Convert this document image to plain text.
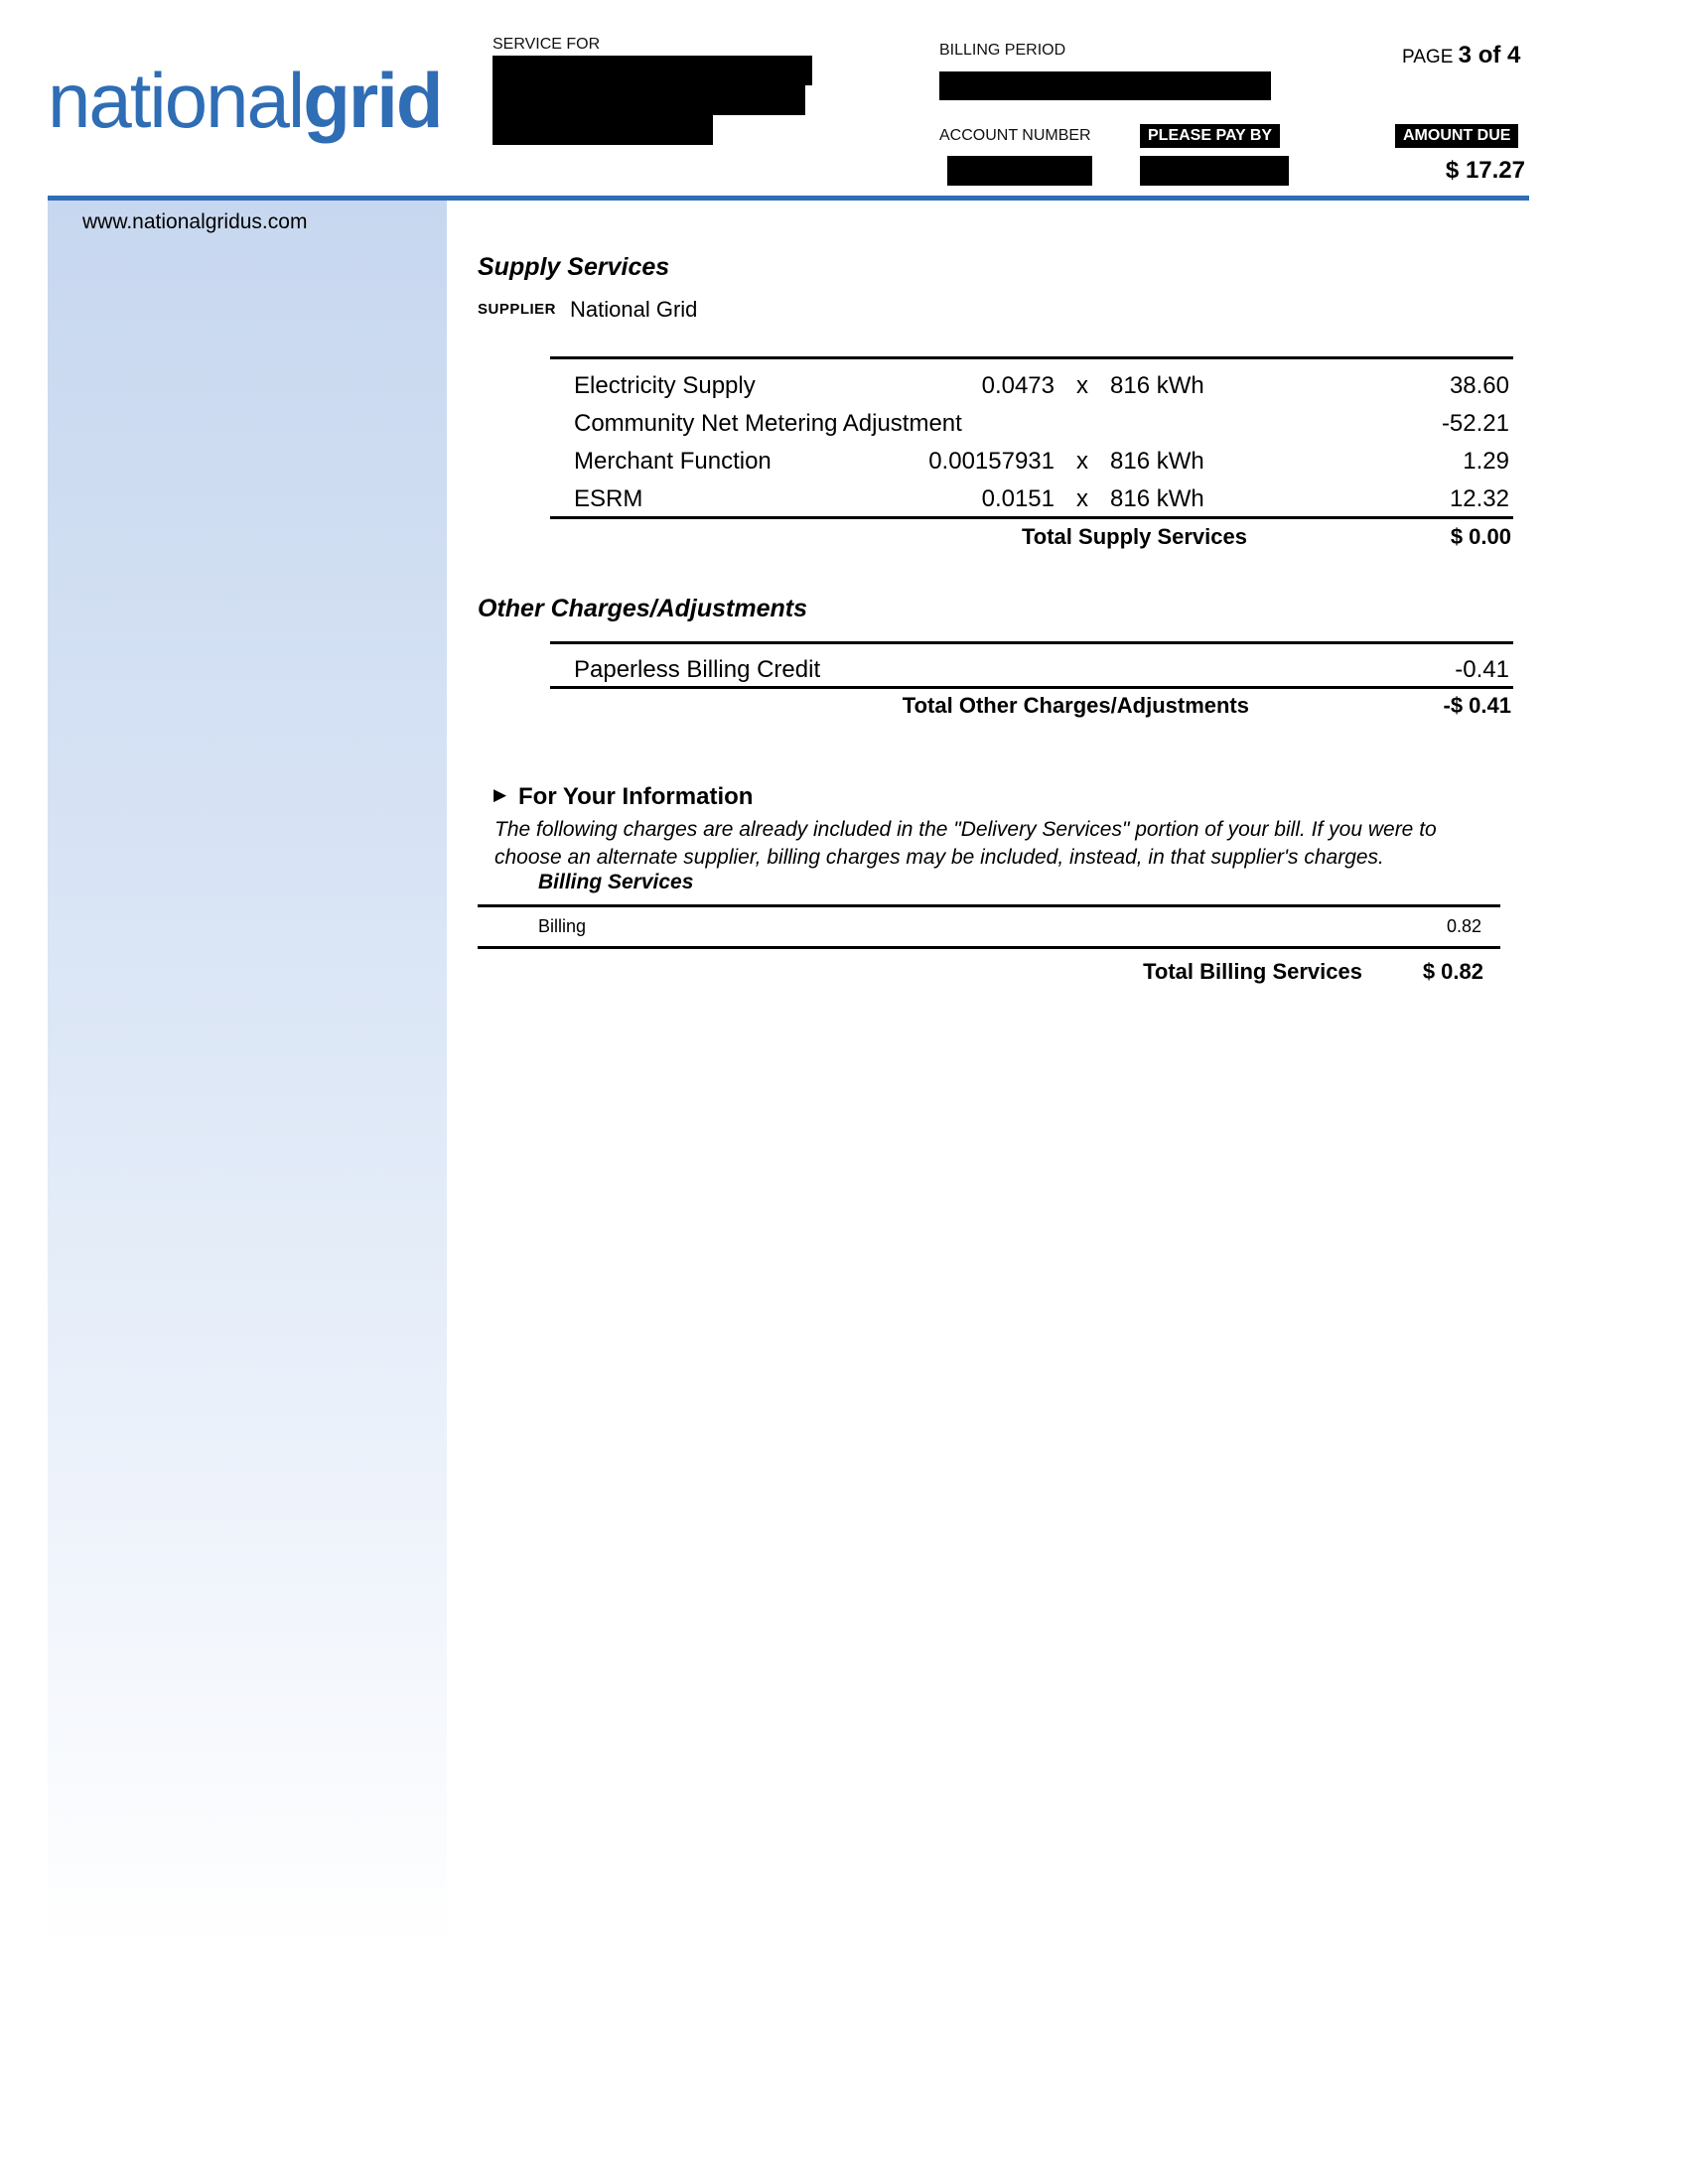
nationalgrid
SERVICE FOR	BILLING PERIOD
ACCOUNT NUMBER	PLEASE PAY BY
PAGE 3 of 4
AMOUNT DUE
$ 17.27
www.nationalgridus.com
Supply Services
SUPPLIER National Grid
Electricity Supply	0.0473 x 816 kWh	38.60
Community Net Metering Adjustment	-52.21
Merchant Function	0.00157931 x 816 kWh	1.29
ESRM	0.0151 x 816 kWh	12.32
Total Supply Services	$ 0.00
Other Charges/Adjustments
Paperless Billing Credit	-0.41
Total Other Charges/Adjustments	-$ 0.41
▶ For Your Information
The following charges are already included in the "Delivery Services" portion of your bill. If you were to choose an alternate supplier, billing charges may be included, instead, in that supplier's charges.
Billing Services
Billing	0.82
Total Billing Services	$ 0.82
